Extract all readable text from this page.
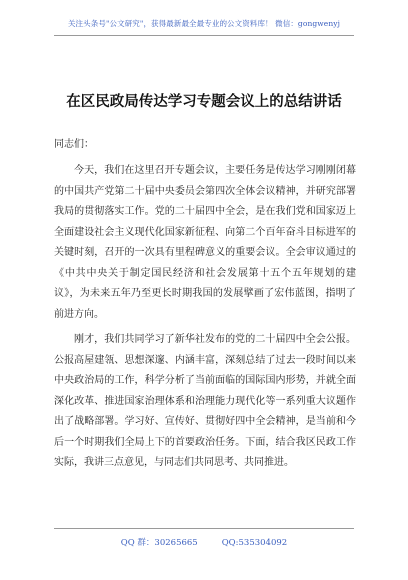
关注头条号"公文研究"，获得最新最全最专业的公文资料库！ 微信：gongwenyj
在区民政局传达学习专题会议上的总结讲话
同志们：
今天，我们在这里召开专题会议，主要任务是传达学习刚刚闭幕的中国共产党第二十届中央委员会第四次全体会议精神，并研究部署我局的贯彻落实工作。党的二十届四中全会，是在我们党和国家迈上全面建设社会主义现代化国家新征程、向第二个百年奋斗目标进军的关键时刻，召开的一次具有里程碑意义的重要会议。全会审议通过的《中共中央关于制定国民经济和社会发展第十五个五年规划的建议》，为未来五年乃至更长时期我国的发展擘画了宏伟蓝图，指明了前进方向。
刚才，我们共同学习了新华社发布的党的二十届四中全会公报。公报高屋建瓴、思想深邃、内涵丰富，深刻总结了过去一段时间以来中央政治局的工作，科学分析了当前面临的国际国内形势，并就全面深化改革、推进国家治理体系和治理能力现代化等一系列重大议题作出了战略部署。学习好、宣传好、贯彻好四中全会精神，是当前和今后一个时期我们全局上下的首要政治任务。下面，结合我区民政工作实际，我讲三点意见，与同志们共同思考、共同推进。
QQ 群：30265665	QQ:535304092
